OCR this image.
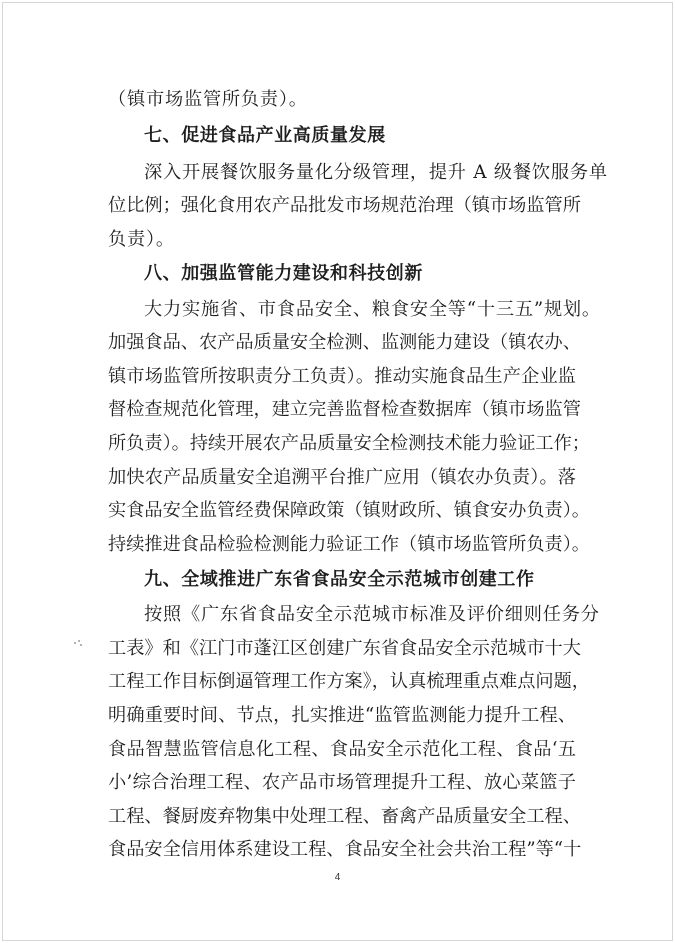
（镇市场监管所负责）。
七、促进食品产业高质量发展
深入开展餐饮服务量化分级管理，提升 A 级餐饮服务单
位比例；强化食用农产品批发市场规范治理（镇市场监管所
负责）。
八、加强监管能力建设和科技创新
大力实施省、市食品安全、粮食安全等“十三五”规划。
加强食品、农产品质量安全检测、监测能力建设（镇农办、
镇市场监管所按职责分工负责）。推动实施食品生产企业监
督检查规范化管理，建立完善监督检查数据库（镇市场监管
所负责）。持续开展农产品质量安全检测技术能力验证工作；
加快农产品质量安全追溯平台推广应用（镇农办负责）。落
实食品安全监管经费保障政策（镇财政所、镇食安办负责）。
持续推进食品检验检测能力验证工作（镇市场监管所负责）。
九、全域推进广东省食品安全示范城市创建工作
按照《广东省食品安全示范城市标准及评价细则任务分
工表》和《江门市蓬江区创建广东省食品安全示范城市十大
工程工作目标倒逼管理工作方案》，认真梳理重点难点问题，
明确重要时间、节点，扎实推进“监管监测能力提升工程、
食品智慧监管信息化工程、食品安全示范化工程、食品‘五
小’综合治理工程、农产品市场管理提升工程、放心菜篮子
工程、餐厨废弃物集中处理工程、畜禽产品质量安全工程、
食品安全信用体系建设工程、食品安全社会共治工程”等“十
4
